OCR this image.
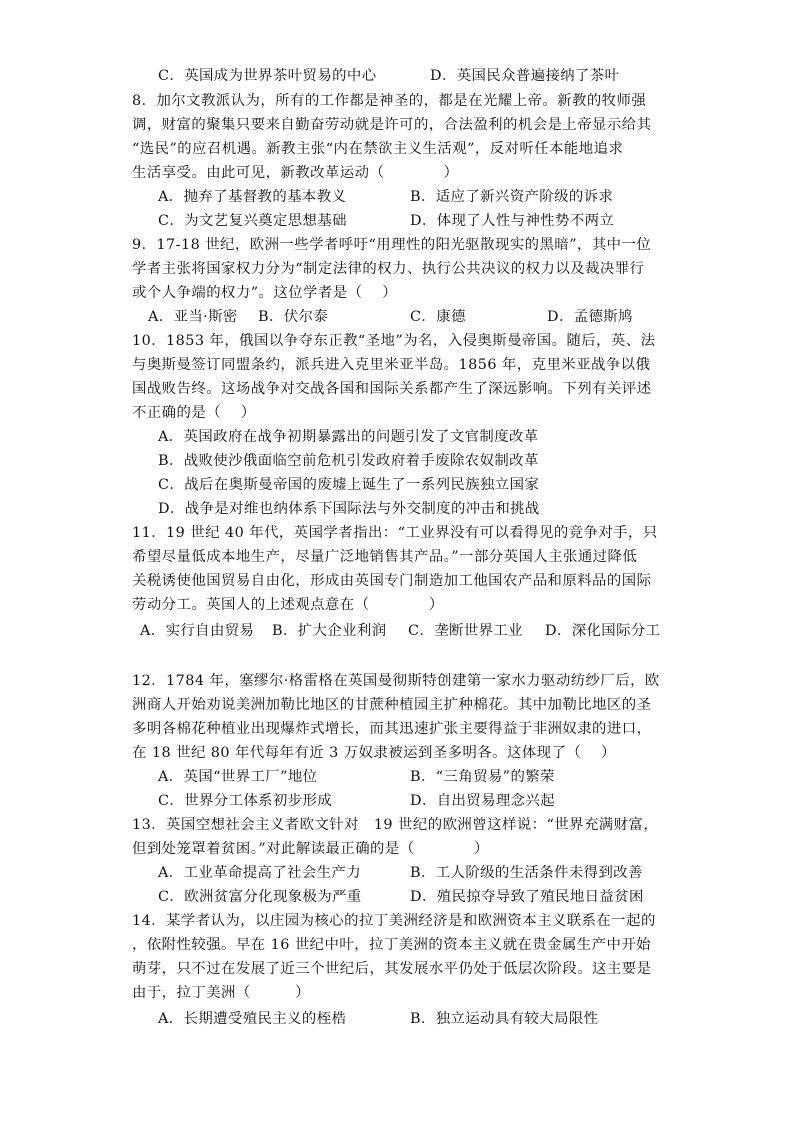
C．英国成为世界茶叶贸易的中心	D．英国民众普遍接纳了茶叶
8．加尔文教派认为，所有的工作都是神圣的，都是在光耀上帝。新教的牧师强
调，财富的聚集只要来自勤奋劳动就是许可的，合法盈利的机会是上帝显示给其
“选民”的应召机遇。新教主张“内在禁欲主义生活观”，反对听任本能地追求
生活享受。由此可见，新教改革运动（　　　　）
A．抛弃了基督教的基本教义	B．适应了新兴资产阶级的诉求
C．为文艺复兴奠定思想基础	D．体现了人性与神性势不两立
9．17-18 世纪，欧洲一些学者呼吁“用理性的阳光驱散现实的黑暗”，其中一位
学者主张将国家权力分为“制定法律的权力、执行公共决议的权力以及裁决罪行
或个人争端的权力”。这位学者是（　 ）
A．亚当·斯密 B．伏尔泰	C．康德	D．孟德斯鸠
10．1853 年，俄国以争夺东正教“圣地”为名，入侵奥斯曼帝国。随后，英、法
与奥斯曼签订同盟条约，派兵进入克里米亚半岛。1856 年，克里米亚战争以俄
国战败告终。这场战争对交战各国和国际关系都产生了深远影响。下列有关评述
不正确的是（　 ）
A．英国政府在战争初期暴露出的问题引发了文官制度改革
B．战败使沙俄面临空前危机引发政府着手废除农奴制改革
C．战后在奥斯曼帝国的废墟上诞生了一系列民族独立国家
D．战争是对维也纳体系下国际法与外交制度的冲击和挑战
11．19 世纪 40 年代，英国学者指出：“工业界没有可以看得见的竞争对手，只
希望尽量低成本地生产，尽量广泛地销售其产品。”一部分英国人主张通过降低
关税诱使他国贸易自由化，形成由英国专门制造加工他国农产品和原料品的国际
劳动分工。英国人的上述观点意在（　　　　）
A．实行自由贸易 B．扩大企业利润 C．垄断世界工业 D．深化国际分工
12．1784 年，塞缪尔·格雷格在英国曼彻斯特创建第一家水力驱动纺纱厂后，欧
洲商人开始劝说美洲加勒比地区的甘蔗种植园主扩种棉花。其中加勒比地区的圣
多明各棉花种植业出现爆炸式增长，而其迅速扩张主要得益于非洲奴隶的进口，
在 18 世纪 80 年代每年有近 3 万奴隶被运到圣多明各。这体现了（　 ）
A．英国“世界工厂”地位	B．“三角贸易”的繁荣
C．世界分工体系初步形成	D．自出贸易理念兴起
13．英国空想社会主义者欧文针对　19 世纪的欧洲曾这样说：“世界充满财富，
但到处笼罩着贫困。”对此解读最正确的是（　　　　）
A．工业革命提高了社会生产力	B．工人阶级的生活条件未得到改善
C．欧洲贫富分化现象极为严重	D．殖民掠夺导致了殖民地日益贫困
14．某学者认为，以庄园为核心的拉丁美洲经济是和欧洲资本主义联系在一起的
，依附性较强。早在 16 世纪中叶，拉丁美洲的资本主义就在贵金属生产中开始
萌芽，只不过在发展了近三个世纪后，其发展水平仍处于低层次阶段。这主要是
由于，拉丁美洲（　　　）
A．长期遭受殖民主义的桎梏	B．独立运动具有较大局限性
